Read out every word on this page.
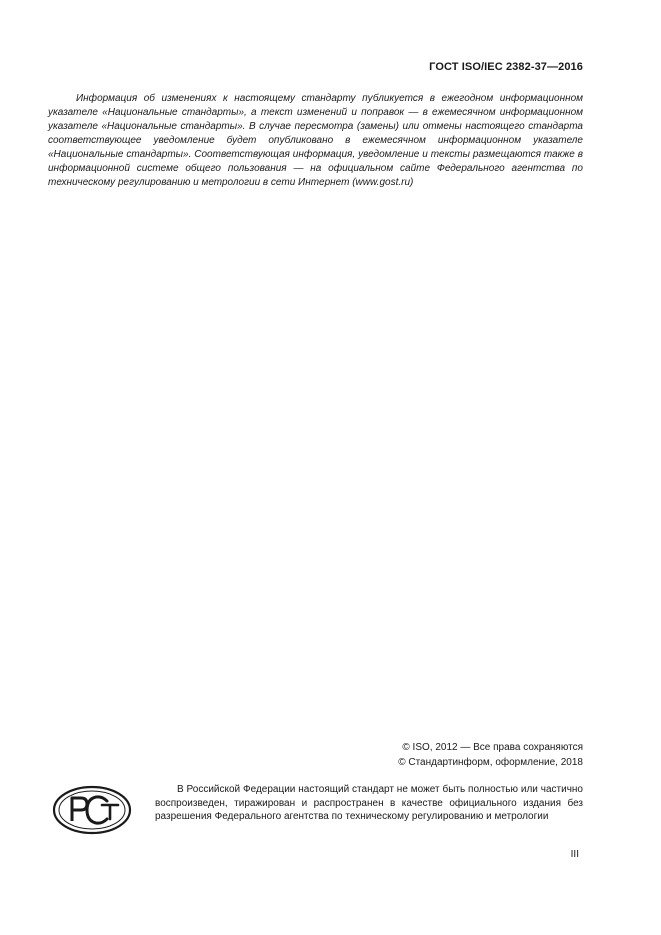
ГОСТ ISO/IEC 2382-37—2016

Информация об изменениях к настоящему стандарту публикуется в ежегодном информационном указателе «Национальные стандарты», а текст изменений и поправок — в ежемесячном информационном указателе «Национальные стандарты». В случае пересмотра (замены) или отмены настоящего стандарта соответствующее уведомление будет опубликовано в ежемесячном информационном указателе «Национальные стандарты». Соответствующая информация, уведомление и тексты размещаются также в информационной системе общего пользования — на официальном сайте Федерального агентства по техническому регулированию и метрологии в сети Интернет (www.gost.ru)

© ISO, 2012 — Все права сохраняются
© Стандартинформ, оформление, 2018

В Российской Федерации настоящий стандарт не может быть полностью или частично воспроизведен, тиражирован и распространен в качестве официального издания без разрешения Федерального агентства по техническому регулированию и метрологии

III
